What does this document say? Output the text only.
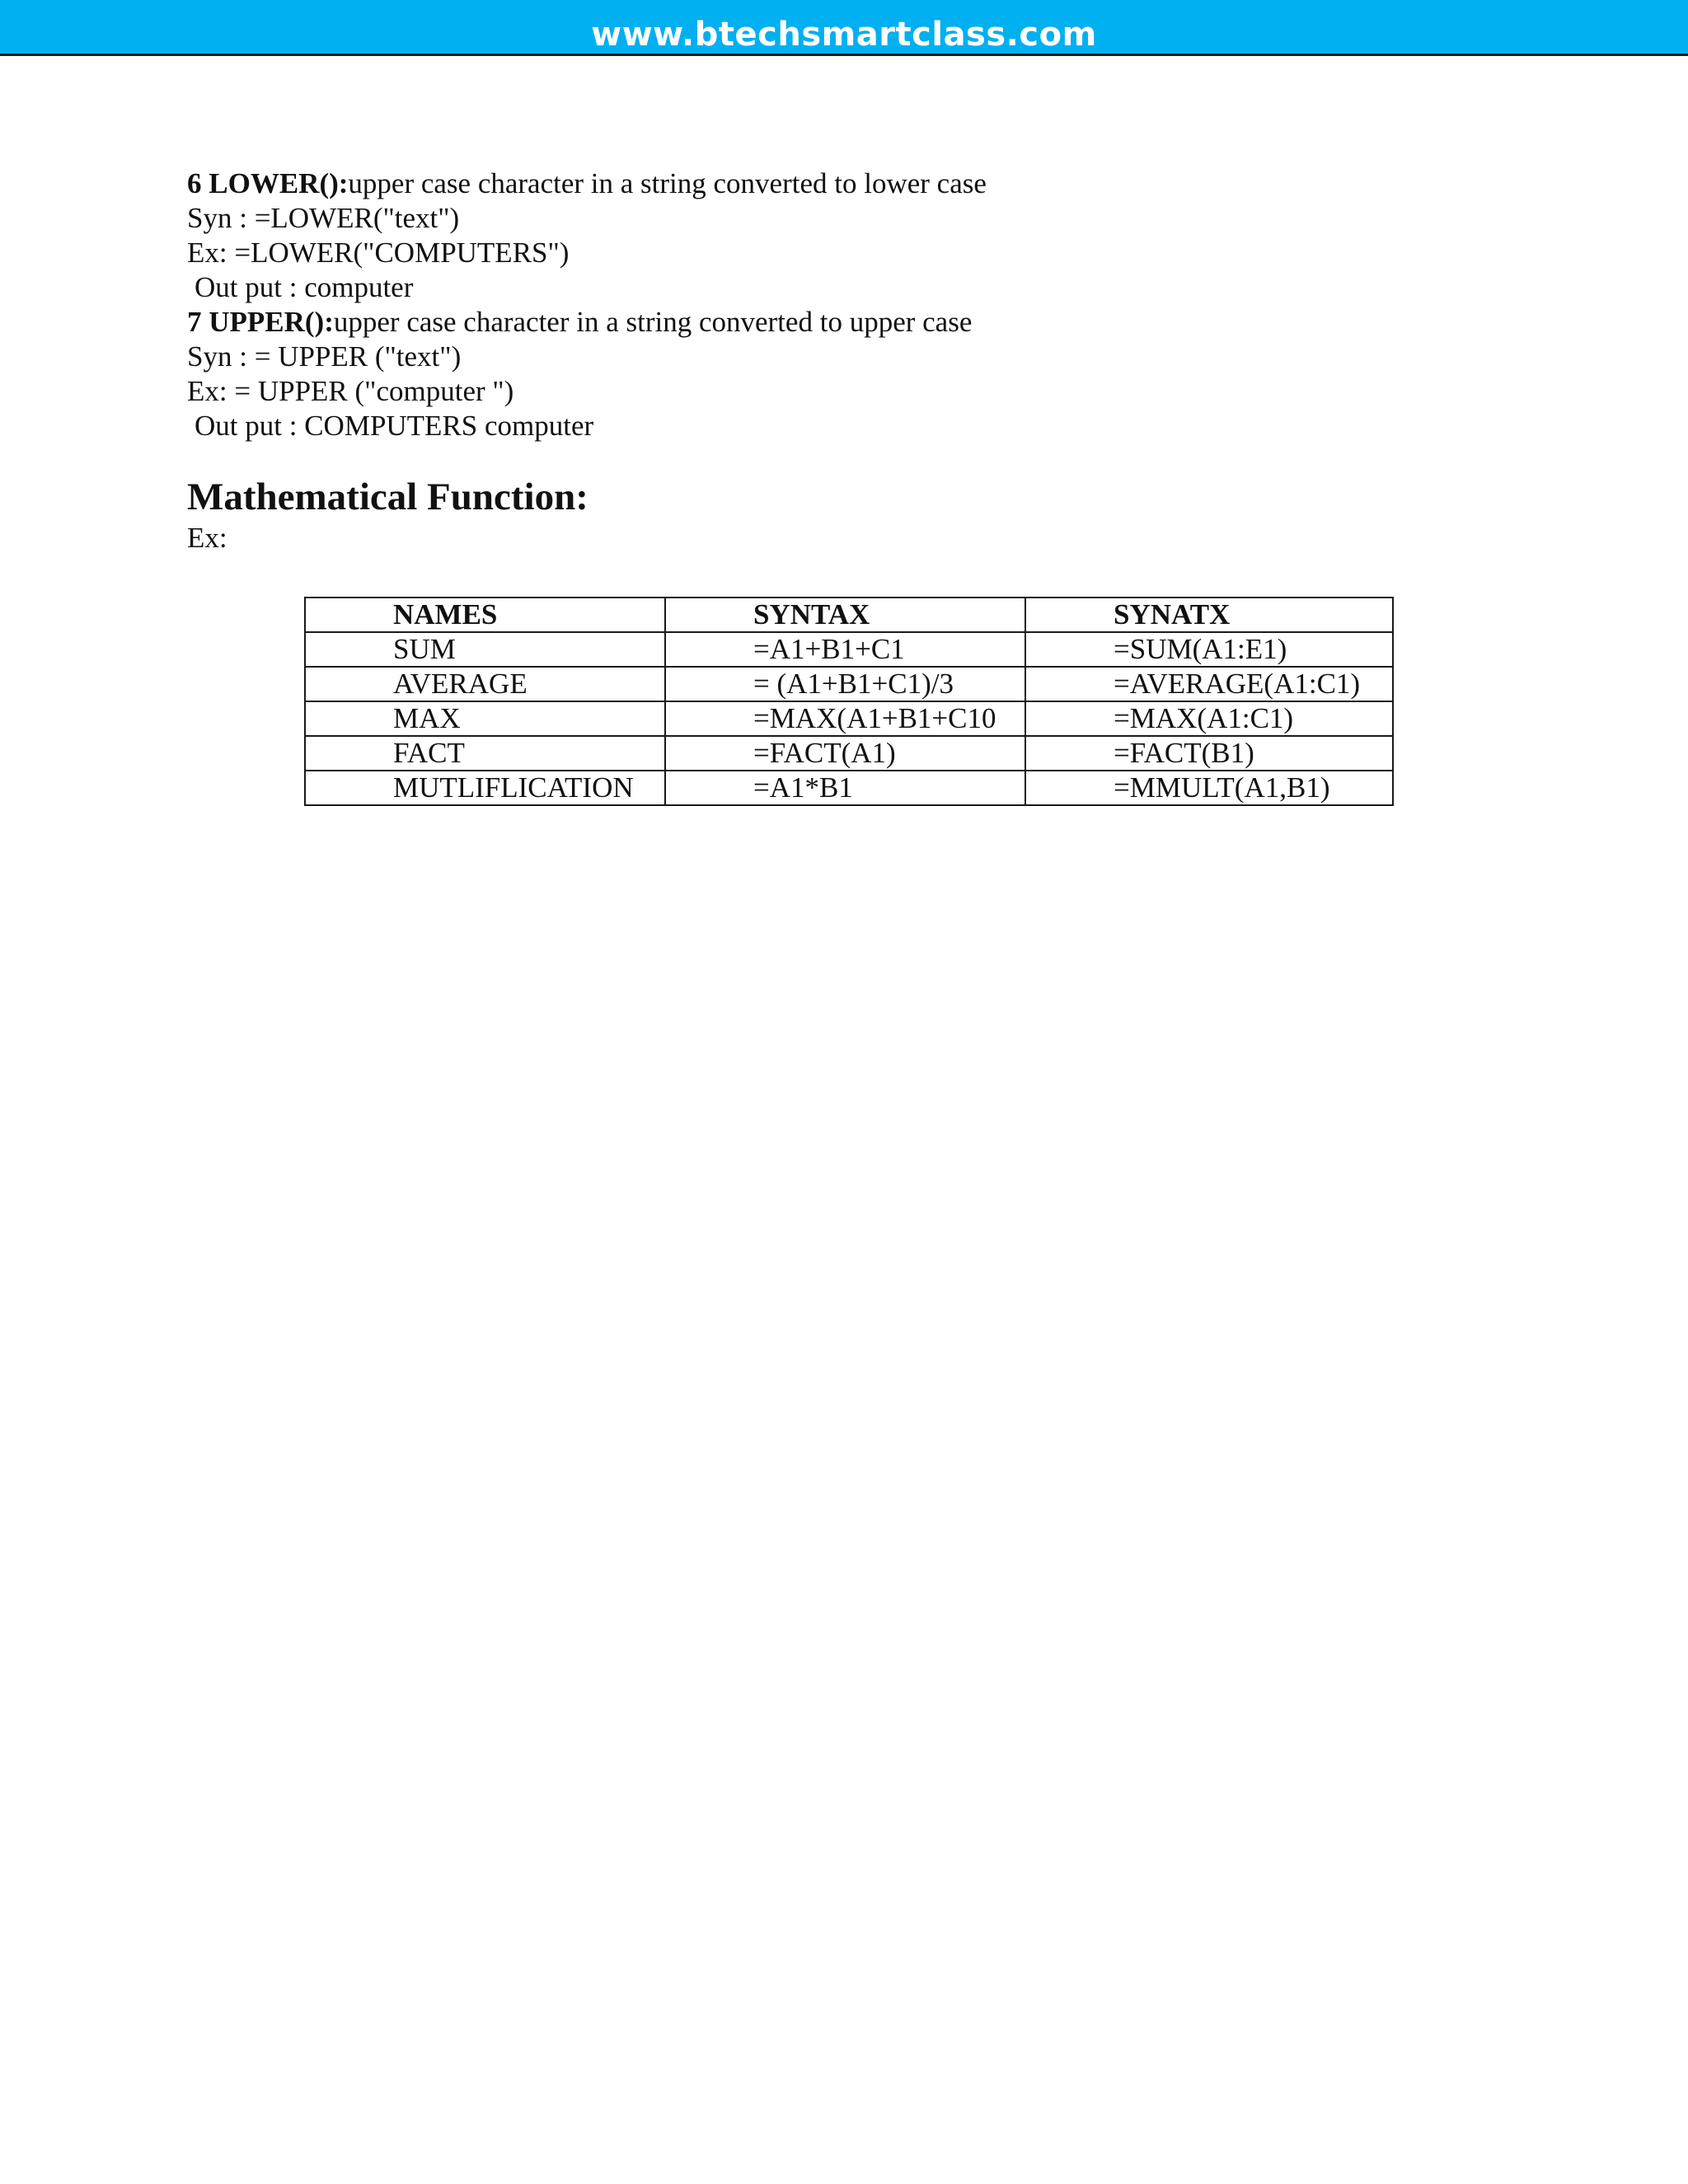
www.btechsmartclass.com

6 LOWER():upper case character in a string converted to lower case

Syn : =LOWER("text")

Ex: =LOWER("COMPUTERS")

Out put : computer

7 UPPER():upper case character in a string converted to upper case

Syn : = UPPER ("text")

Ex: = UPPER ("computer ")

Out put : COMPUTERS computer

Mathematical Function:

Ex:

NAMES	SYNTAX	SYNATX
SUM	=A1+B1+C1	=SUM(A1:E1)
AVERAGE	= (A1+B1+C1)/3	=AVERAGE(A1:C1)
MAX	=MAX(A1+B1+C10	=MAX(A1:C1)
FACT	=FACT(A1)	=FACT(B1)
MUTLIFLICATION	=A1*B1	=MMULT(A1,B1)
